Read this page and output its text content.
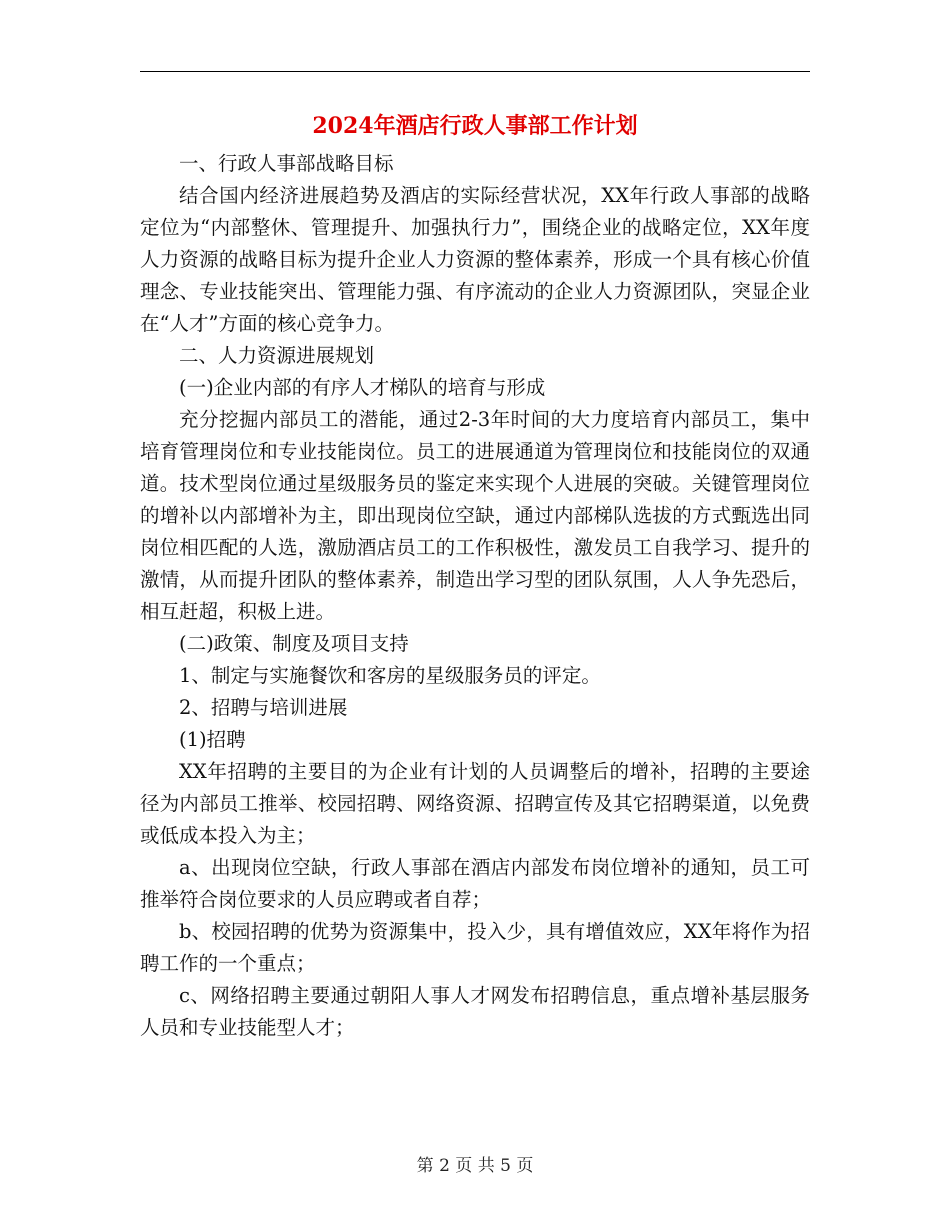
2024年酒店行政人事部工作计划

一、行政人事部战略目标

结合国内经济进展趋势及酒店的实际经营状况，XX年行政人事部的战略定位为“内部整休、管理提升、加强执行力”，围绕企业的战略定位，XX年度人力资源的战略目标为提升企业人力资源的整体素养，形成一个具有核心价值理念、专业技能突出、管理能力强、有序流动的企业人力资源团队，突显企业在“人才”方面的核心竞争力。

二、人力资源进展规划

(一)企业内部的有序人才梯队的培育与形成

充分挖掘内部员工的潜能，通过2-3年时间的大力度培育内部员工，集中培育管理岗位和专业技能岗位。员工的进展通道为管理岗位和技能岗位的双通道。技术型岗位通过星级服务员的鉴定来实现个人进展的突破。关键管理岗位的增补以内部增补为主，即出现岗位空缺，通过内部梯队选拔的方式甄选出同岗位相匹配的人选，激励酒店员工的工作积极性，激发员工自我学习、提升的激情，从而提升团队的整体素养，制造出学习型的团队氛围，人人争先恐后，相互赶超，积极上进。

(二)政策、制度及项目支持

1、制定与实施餐饮和客房的星级服务员的评定。

2、招聘与培训进展

(1)招聘

XX年招聘的主要目的为企业有计划的人员调整后的增补，招聘的主要途径为内部员工推举、校园招聘、网络资源、招聘宣传及其它招聘渠道，以免费或低成本投入为主；

a、出现岗位空缺，行政人事部在酒店内部发布岗位增补的通知，员工可推举符合岗位要求的人员应聘或者自荐；

b、校园招聘的优势为资源集中，投入少，具有增值效应，XX年将作为招聘工作的一个重点；

c、网络招聘主要通过朝阳人事人才网发布招聘信息，重点增补基层服务人员和专业技能型人才；

第 2 页 共 5 页
